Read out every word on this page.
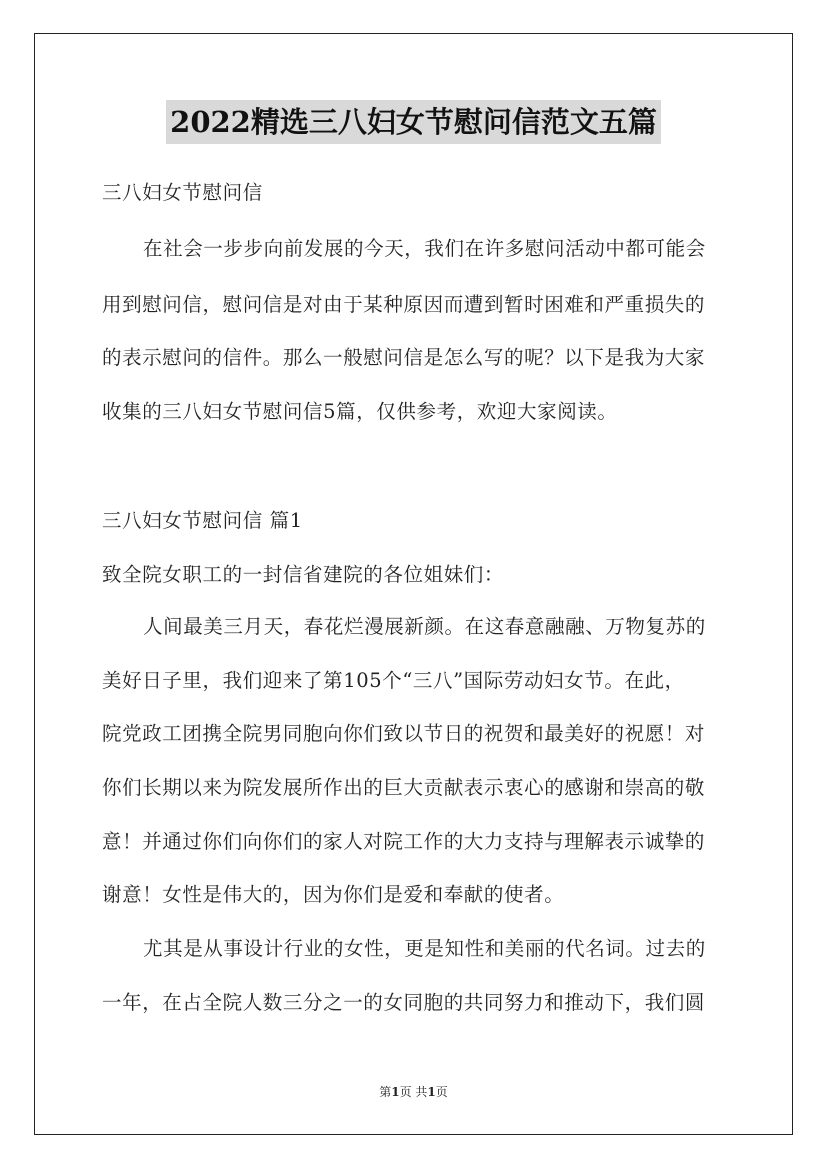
2022精选三八妇女节慰问信范文五篇
三八妇女节慰问信
在社会一步步向前发展的今天，我们在许多慰问活动中都可能会
用到慰问信，慰问信是对由于某种原因而遭到暂时困难和严重损失的
的表示慰问的信件。那么一般慰问信是怎么写的呢？以下是我为大家
收集的三八妇女节慰问信5篇，仅供参考，欢迎大家阅读。
三八妇女节慰问信 篇1
致全院女职工的一封信省建院的各位姐妹们：
人间最美三月天，春花烂漫展新颜。在这春意融融、万物复苏的
美好日子里，我们迎来了第105个“三八”国际劳动妇女节。在此，
院党政工团携全院男同胞向你们致以节日的祝贺和最美好的祝愿！对
你们长期以来为院发展所作出的巨大贡献表示衷心的感谢和崇高的敬
意！并通过你们向你们的家人对院工作的大力支持与理解表示诚挚的
谢意！女性是伟大的，因为你们是爱和奉献的使者。
尤其是从事设计行业的女性，更是知性和美丽的代名词。过去的
一年，在占全院人数三分之一的女同胞的共同努力和推动下，我们圆
第1页 共1页
